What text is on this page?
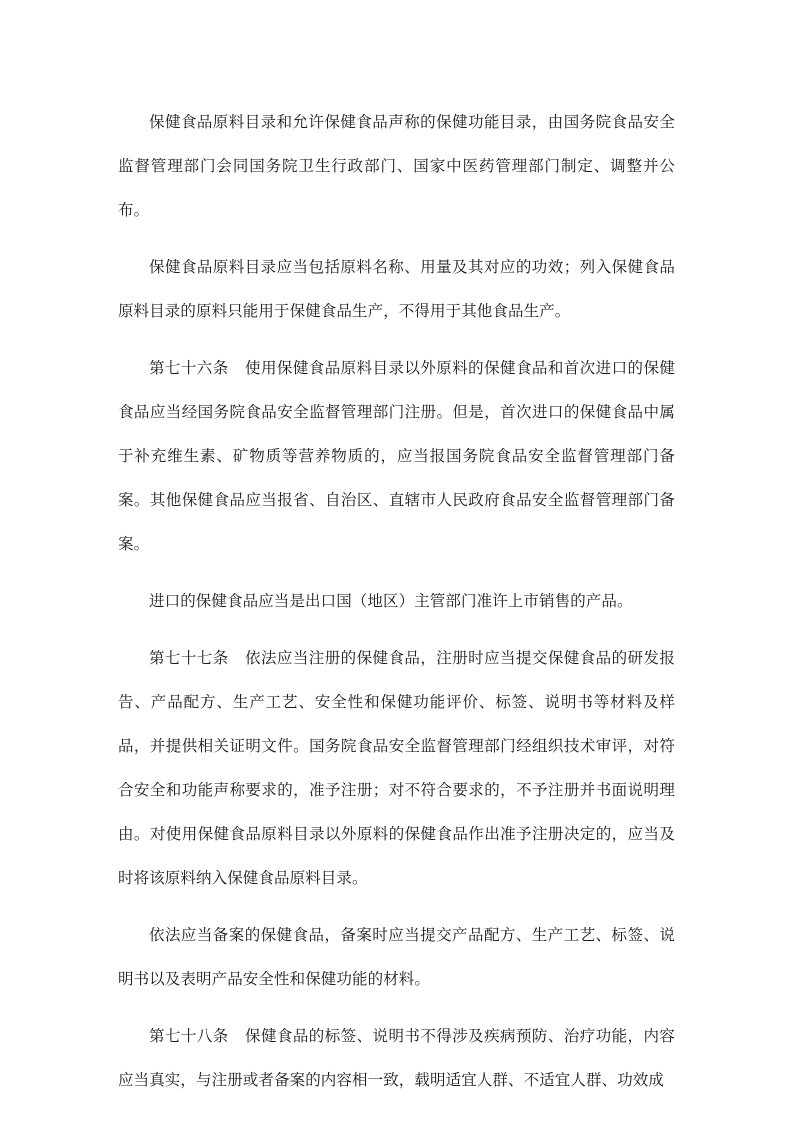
保健食品原料目录和允许保健食品声称的保健功能目录，由国务院食品安全监督管理部门会同国务院卫生行政部门、国家中医药管理部门制定、调整并公布。

保健食品原料目录应当包括原料名称、用量及其对应的功效；列入保健食品原料目录的原料只能用于保健食品生产，不得用于其他食品生产。

第七十六条 使用保健食品原料目录以外原料的保健食品和首次进口的保健食品应当经国务院食品安全监督管理部门注册。但是，首次进口的保健食品中属于补充维生素、矿物质等营养物质的，应当报国务院食品安全监督管理部门备案。其他保健食品应当报省、自治区、直辖市人民政府食品安全监督管理部门备案。

进口的保健食品应当是出口国（地区）主管部门准许上市销售的产品。

第七十七条 依法应当注册的保健食品，注册时应当提交保健食品的研发报告、产品配方、生产工艺、安全性和保健功能评价、标签、说明书等材料及样品，并提供相关证明文件。国务院食品安全监督管理部门经组织技术审评，对符合安全和功能声称要求的，准予注册；对不符合要求的，不予注册并书面说明理由。对使用保健食品原料目录以外原料的保健食品作出准予注册决定的，应当及时将该原料纳入保健食品原料目录。

依法应当备案的保健食品，备案时应当提交产品配方、生产工艺、标签、说明书以及表明产品安全性和保健功能的材料。

第七十八条 保健食品的标签、说明书不得涉及疾病预防、治疗功能，内容应当真实，与注册或者备案的内容相一致，载明适宜人群、不适宜人群、功效成
